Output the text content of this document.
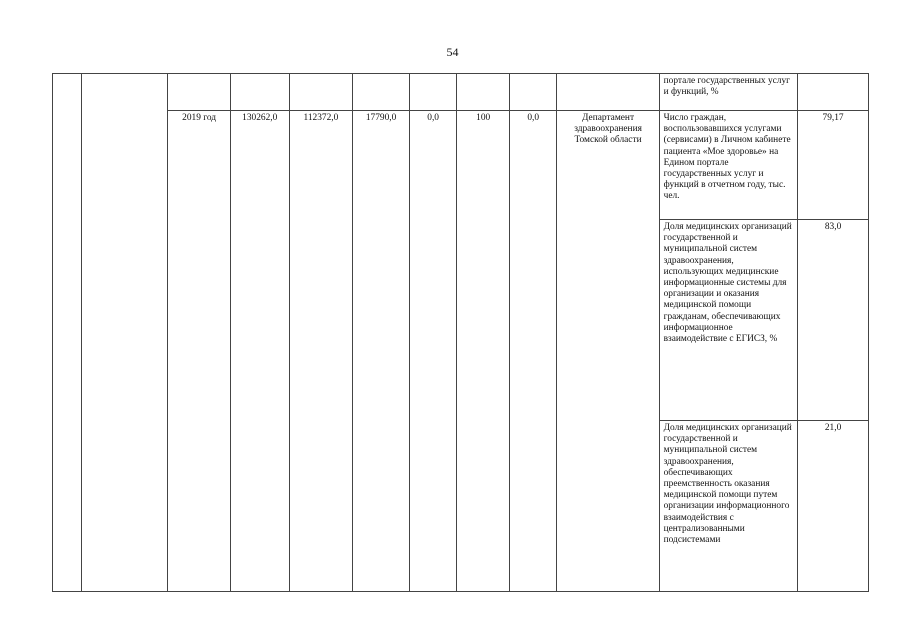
54
										портале государственных услуг и функций, %	
		2019 год	130262,0	112372,0	17790,0	0,0	100	0,0	Департамент здравоохранения Томской области	Число граждан, воспользовавшихся услугами (сервисами) в Личном кабинете пациента «Мое здоровье» на Едином портале государственных услуг и функций в отчетном году, тыс. чел.	79,17
										Доля медицинских организаций государственной и муниципальной систем здравоохранения, использующих медицинские информационные системы для организации и оказания медицинской помощи гражданам, обеспечивающих информационное взаимодействие с ЕГИСЗ, %	83,0
										Доля медицинских организаций государственной и муниципальной систем здравоохранения, обеспечивающих преемственность оказания медицинской помощи путем организации информационного взаимодействия с централизованными подсистемами	21,0
